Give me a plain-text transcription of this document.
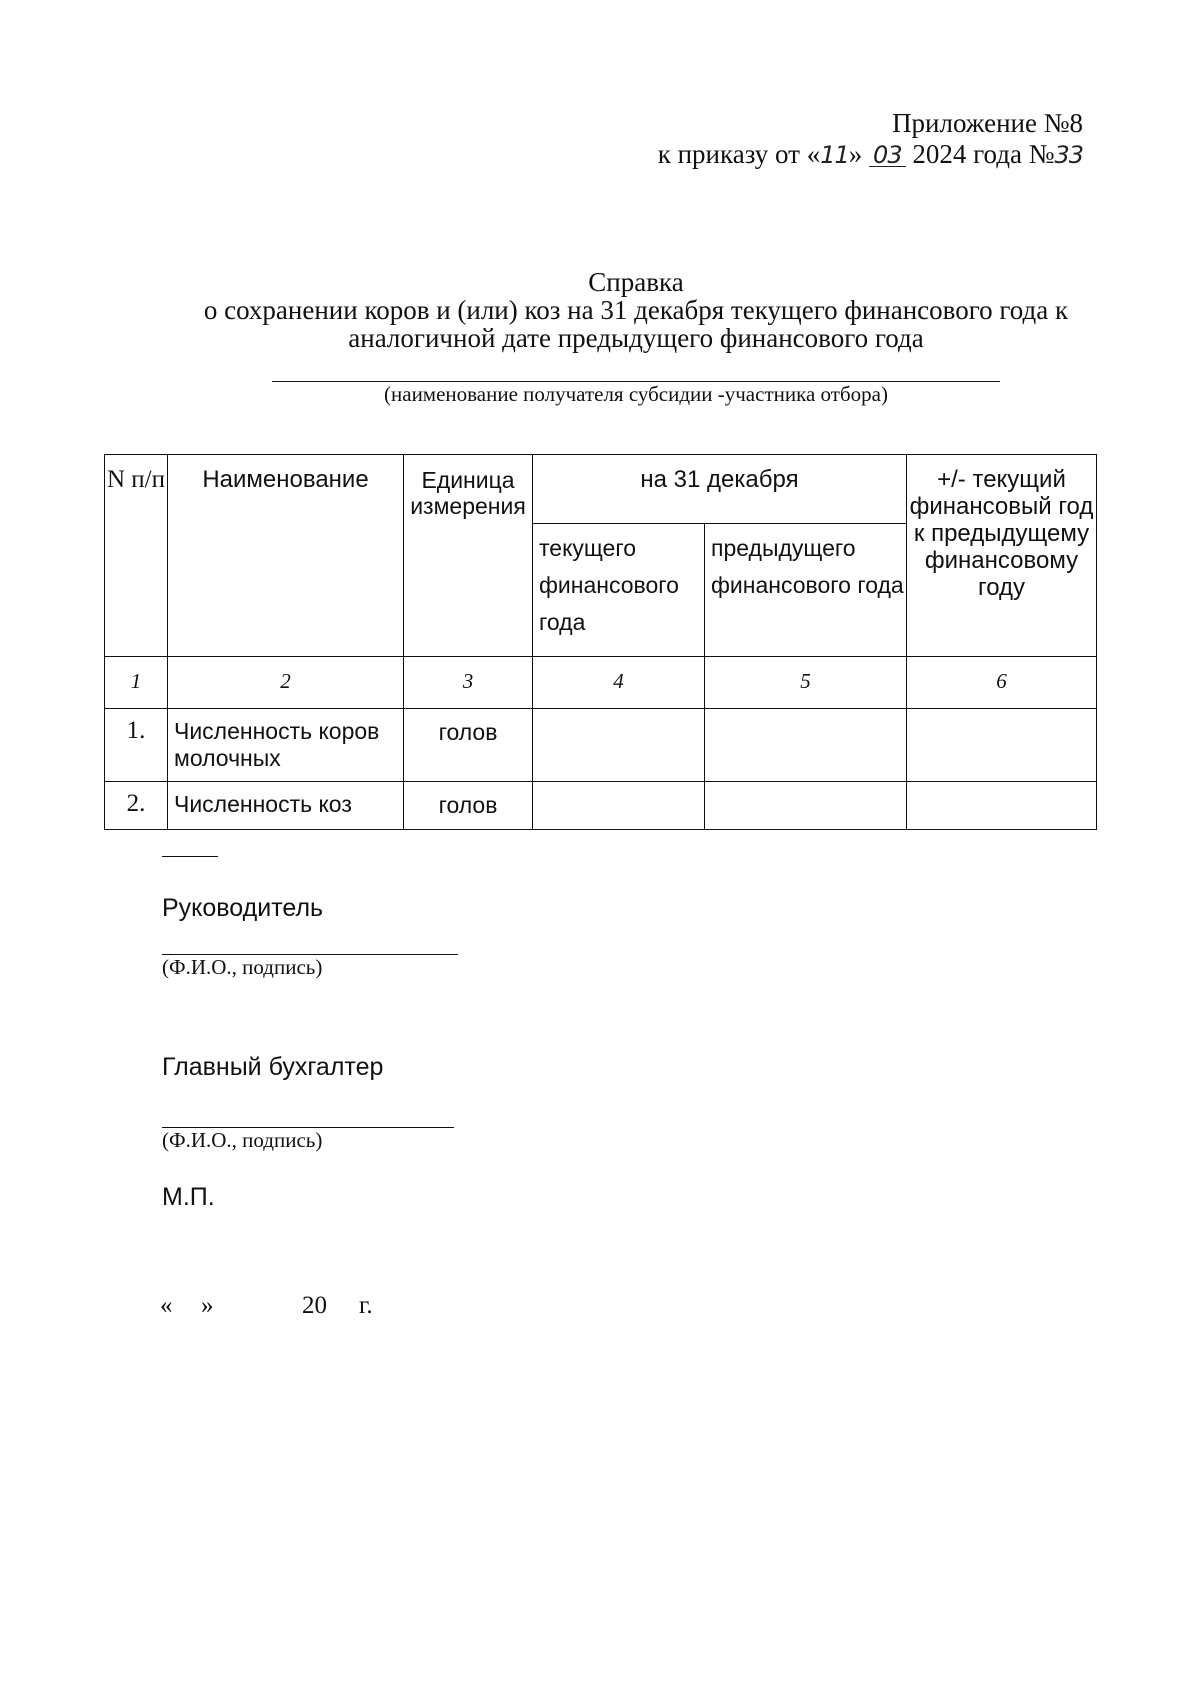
Приложение №8
к приказу от «11» 03 2024 года №33
Справка
о сохранении коров и (или) коз на 31 декабря текущего финансового года к
аналогичной дате предыдущего финансового года
(наименование получателя субсидии -участника отбора)
N п/п	Наименование	Единица измерения	на 31 декабря		+/- текущий финансовый год к предыдущему финансовому году
			текущего финансового года	предыдущего финансового года	
1	2	3	4	5	6
1.	Численность коров молочных	голов			
2.	Численность коз	голов			
Руководитель
(Ф.И.О., подпись)
Главный бухгалтер
(Ф.И.О., подпись)
М.П.
« »	20 г.
